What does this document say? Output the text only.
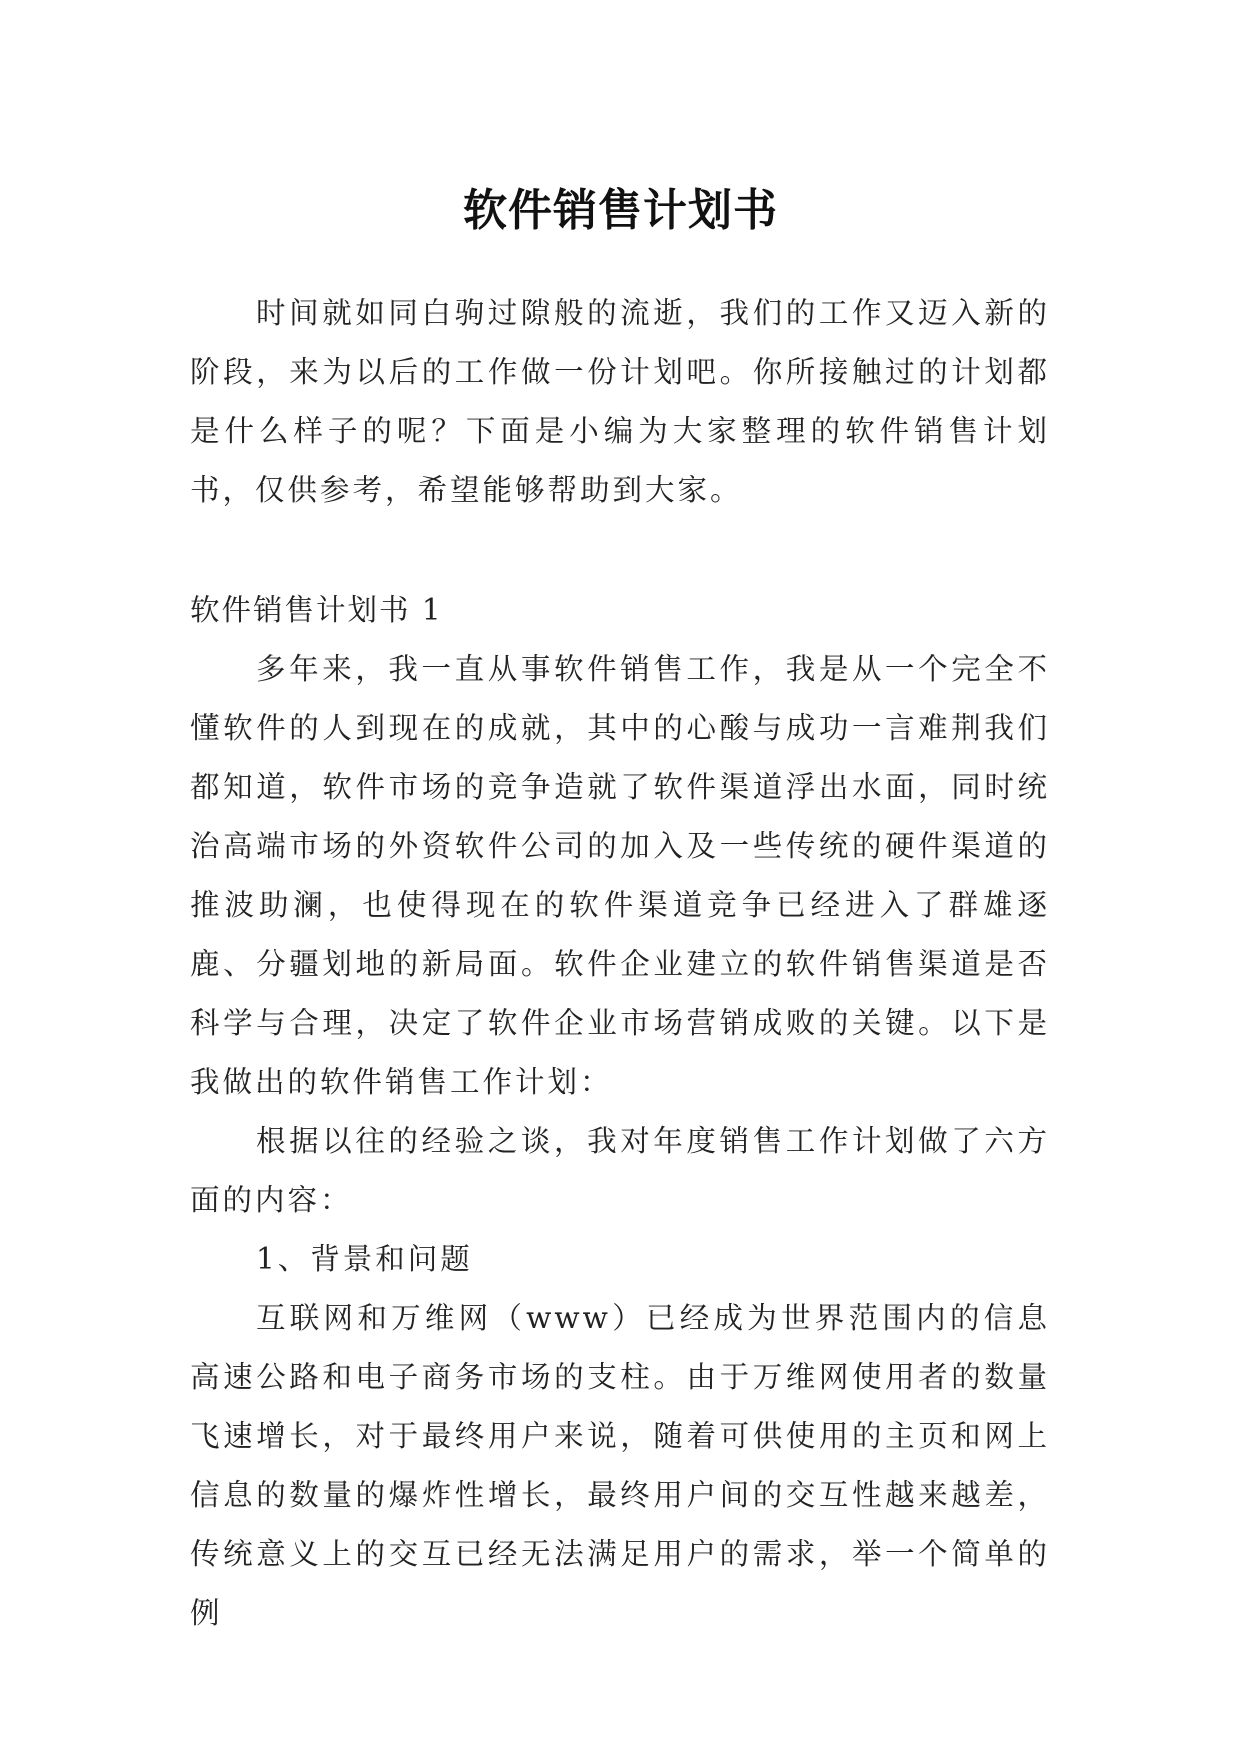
软件销售计划书

时间就如同白驹过隙般的流逝，我们的工作又迈入新的阶段，来为以后的工作做一份计划吧。你所接触过的计划都是什么样子的呢？下面是小编为大家整理的软件销售计划书，仅供参考，希望能够帮助到大家。

软件销售计划书 1

多年来，我一直从事软件销售工作，我是从一个完全不懂软件的人到现在的成就，其中的心酸与成功一言难荆我们都知道，软件市场的竞争造就了软件渠道浮出水面，同时统治高端市场的外资软件公司的加入及一些传统的硬件渠道的推波助澜，也使得现在的软件渠道竞争已经进入了群雄逐鹿、分疆划地的新局面。软件企业建立的软件销售渠道是否科学与合理，决定了软件企业市场营销成败的关键。以下是我做出的软件销售工作计划：

根据以往的经验之谈，我对年度销售工作计划做了六方面的内容：

1、背景和问题

互联网和万维网（www）已经成为世界范围内的信息高速公路和电子商务市场的支柱。由于万维网使用者的数量飞速增长，对于最终用户来说，随着可供使用的主页和网上信息的数量的爆炸性增长，最终用户间的交互性越来越差，传统意义上的交互已经无法满足用户的需求，举一个简单的例
